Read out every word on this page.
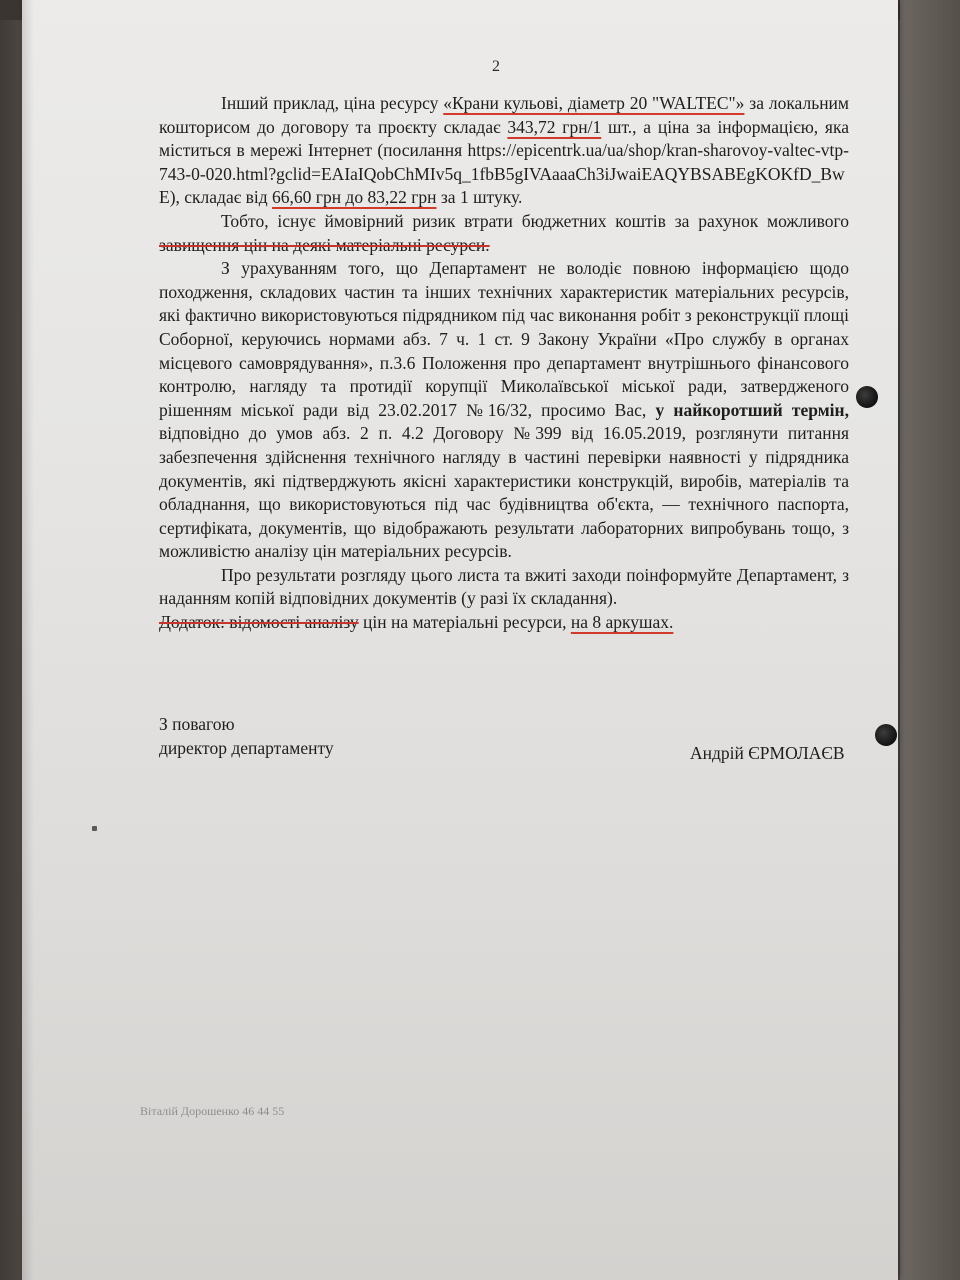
2

Інший приклад, ціна ресурсу «Крани кульові, діаметр 20 "WALTEC"» за локальним кошторисом до договору та проєкту складає 343,72 грн/1 шт., а ціна за інформацією, яка міститься в мережі Інтернет (посилання https://epicentrk.ua/ua/shop/kran-sharovoy-valtec-vtp-743-0-020.html?gclid=EAIaIQobChMIv5q_1fbB5gIVAaaaCh3iJwaiEAQYBSABEgKOKfD_BwE), складає від 66,60 грн до 83,22 грн за 1 штуку.

Тобто, існує ймовірний ризик втрати бюджетних коштів за рахунок можливого завищення цін на деякі матеріальні ресурси.

З урахуванням того, що Департамент не володіє повною інформацією щодо походження, складових частин та інших технічних характеристик матеріальних ресурсів, які фактично використовуються підрядником під час виконання робіт з реконструкції площі Соборної, керуючись нормами абз. 7 ч. 1 ст. 9 Закону України «Про службу в органах місцевого самоврядування», п.3.6 Положення про департамент внутрішнього фінансового контролю, нагляду та протидії корупції Миколаївської міської ради, затвердженого рішенням міської ради від 23.02.2017 №16/32, просимо Вас, у найкоротший термін, відповідно до умов абз. 2 п. 4.2 Договору №399 від 16.05.2019, розглянути питання забезпечення здійснення технічного нагляду в частині перевірки наявності у підрядника документів, які підтверджують якісні характеристики конструкцій, виробів, матеріалів та обладнання, що використовуються під час будівництва об'єкта, — технічного паспорта, сертифіката, документів, що відображають результати лабораторних випробувань тощо, з можливістю аналізу цін матеріальних ресурсів.

Про результати розгляду цього листа та вжиті заходи поінформуйте Департамент, з наданням копій відповідних документів (у разі їх складання).

Додаток: відомості аналізу цін на матеріальні ресурси, на 8 аркушах.

З повагою
директор департаменту	Андрій ЄРМОЛАЄВ
Віталій Дорошенко 46 44 55
